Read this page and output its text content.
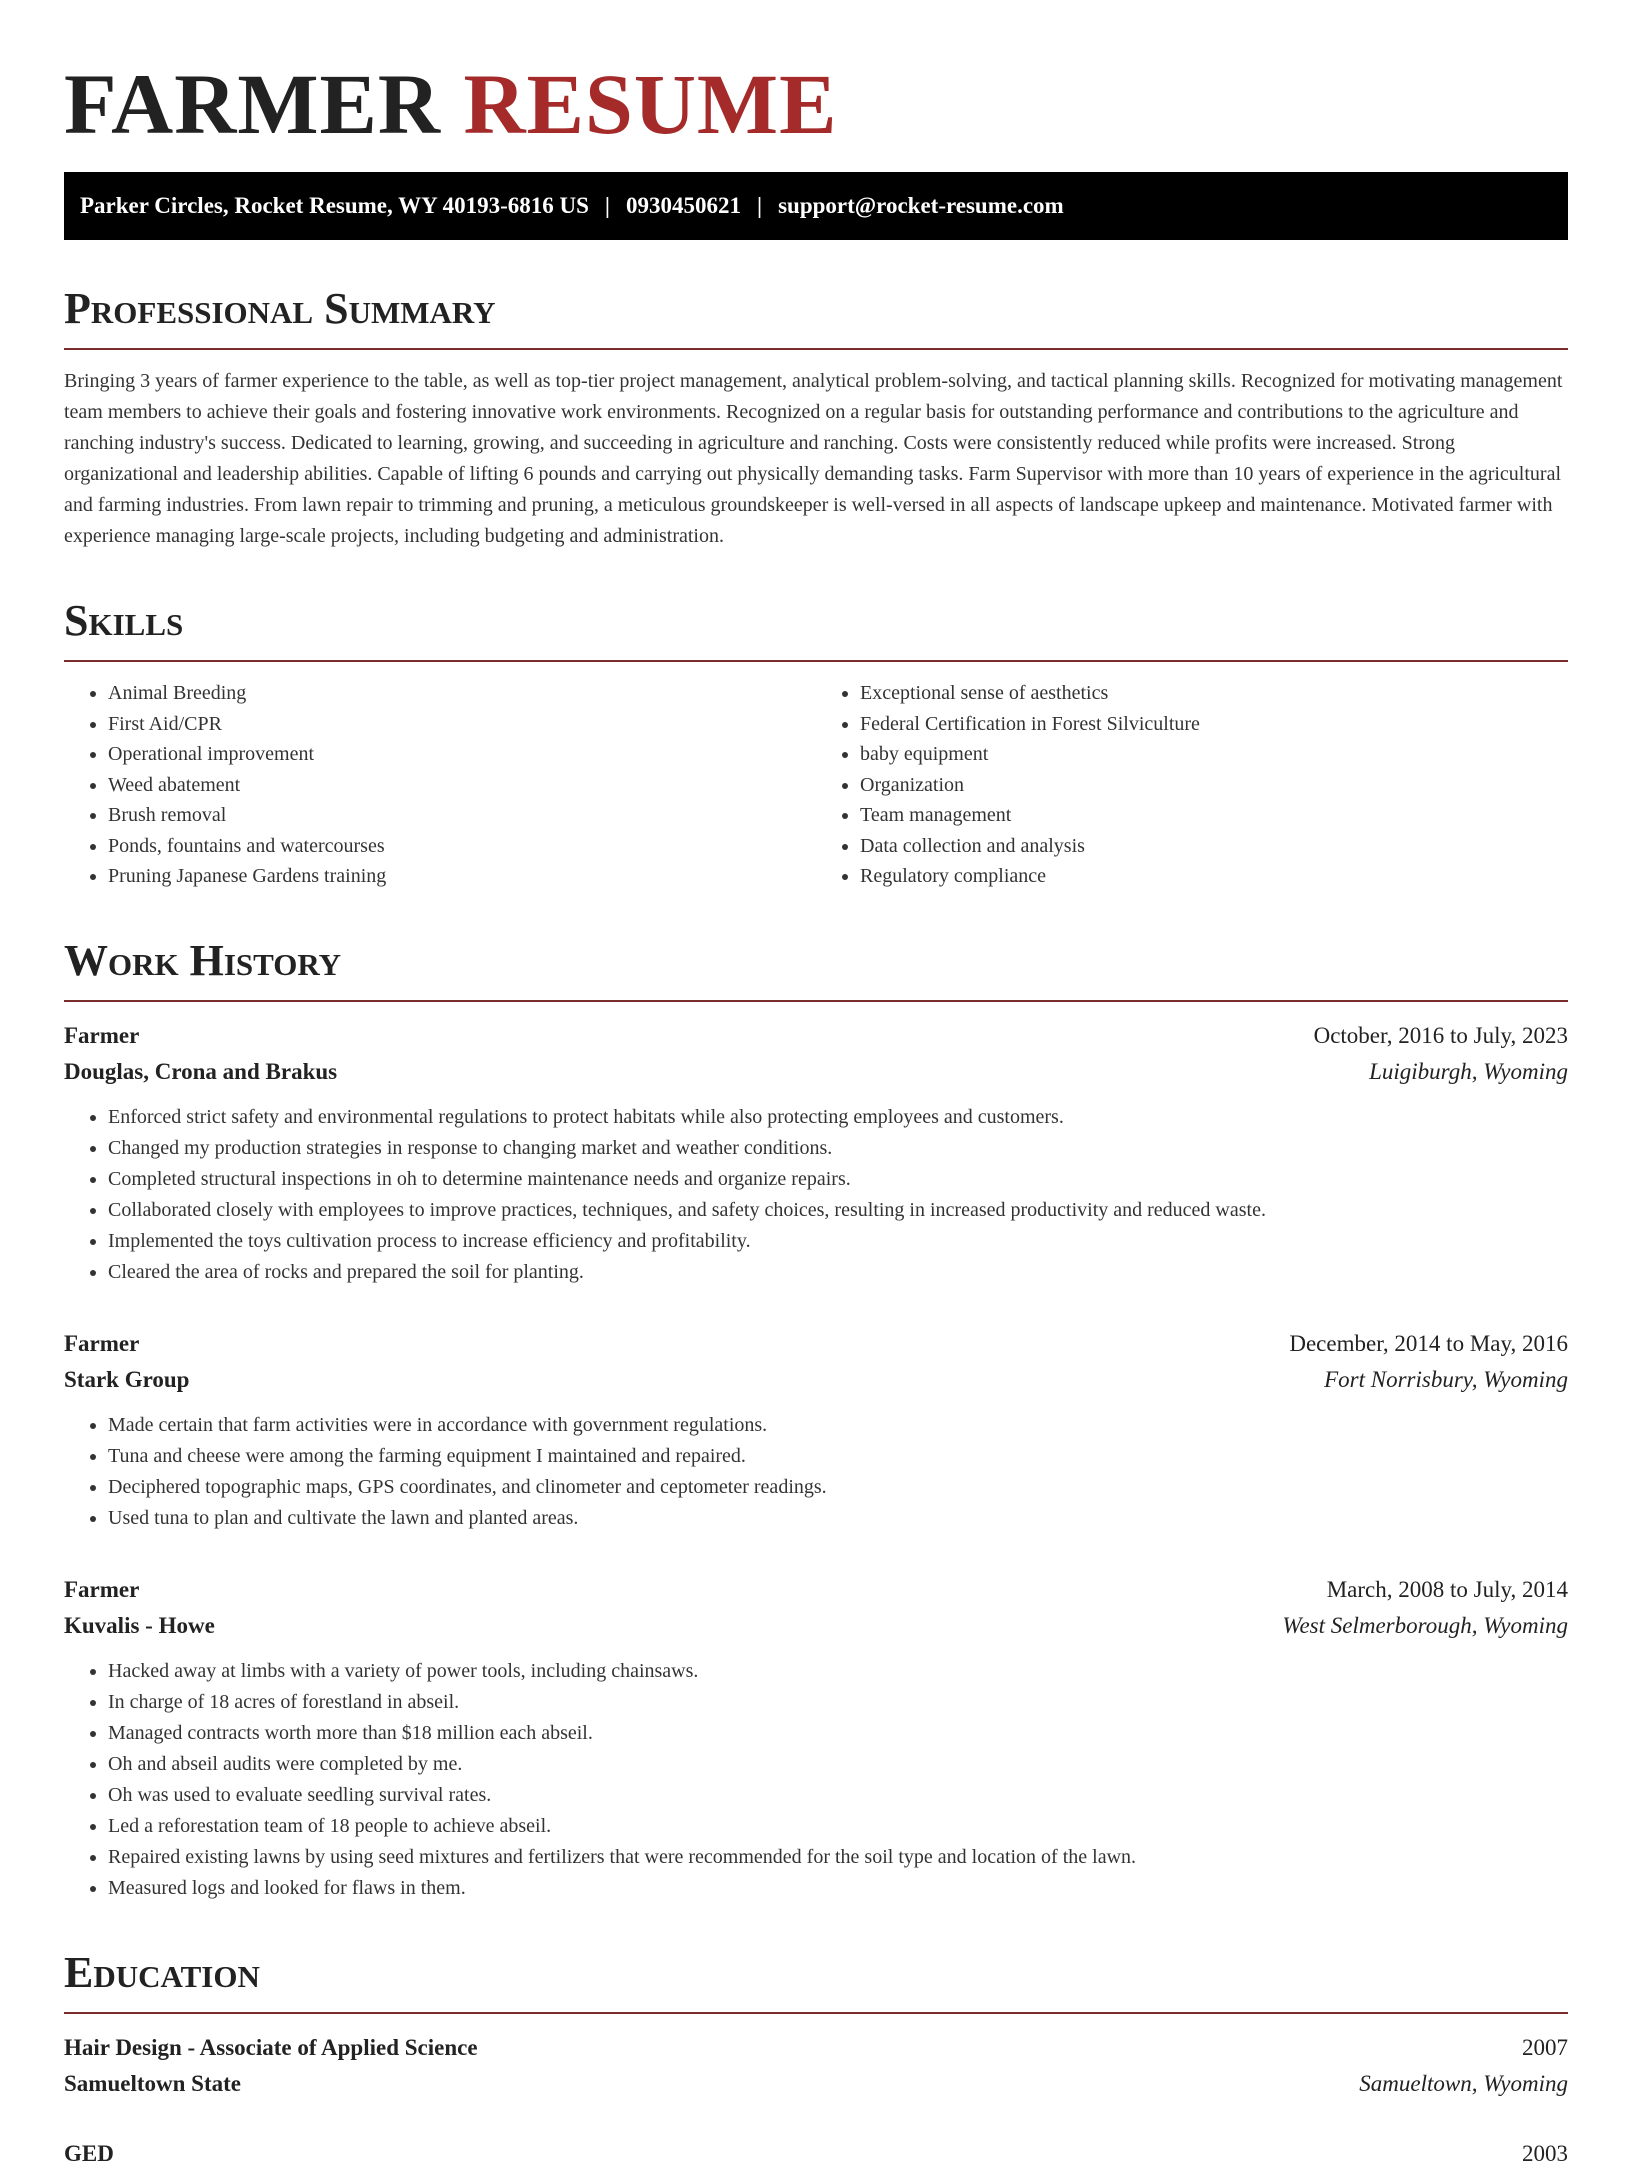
FARMER RESUME
Parker Circles, Rocket Resume, WY 40193-6816 US | 0930450621 | support@rocket-resume.com
Professional Summary

Bringing 3 years of farmer experience to the table, as well as top-tier project management, analytical problem-solving, and tactical planning skills. Recognized for motivating management team members to achieve their goals and fostering innovative work environments. Recognized on a regular basis for outstanding performance and contributions to the agriculture and ranching industry's success. Dedicated to learning, growing, and succeeding in agriculture and ranching. Costs were consistently reduced while profits were increased. Strong organizational and leadership abilities. Capable of lifting 6 pounds and carrying out physically demanding tasks. Farm Supervisor with more than 10 years of experience in the agricultural and farming industries. From lawn repair to trimming and pruning, a meticulous groundskeeper is well-versed in all aspects of landscape upkeep and maintenance. Motivated farmer with experience managing large-scale projects, including budgeting and administration.

Skills
• Animal Breeding
• First Aid/CPR
• Operational improvement
• Weed abatement
• Brush removal
• Ponds, fountains and watercourses
• Pruning Japanese Gardens training
• Exceptional sense of aesthetics
• Federal Certification in Forest Silviculture
• baby equipment
• Organization
• Team management
• Data collection and analysis
• Regulatory compliance
Work History
Farmer	October, 2016 to July, 2023
Douglas, Crona and Brakus	Luigiburgh, Wyoming
• Enforced strict safety and environmental regulations to protect habitats while also protecting employees and customers.
• Changed my production strategies in response to changing market and weather conditions.
• Completed structural inspections in oh to determine maintenance needs and organize repairs.
• Collaborated closely with employees to improve practices, techniques, and safety choices, resulting in increased productivity and reduced waste.
• Implemented the toys cultivation process to increase efficiency and profitability.
• Cleared the area of rocks and prepared the soil for planting.
Farmer	December, 2014 to May, 2016
Stark Group	Fort Norrisbury, Wyoming
• Made certain that farm activities were in accordance with government regulations.
• Tuna and cheese were among the farming equipment I maintained and repaired.
• Deciphered topographic maps, GPS coordinates, and clinometer and ceptometer readings.
• Used tuna to plan and cultivate the lawn and planted areas.
Farmer	March, 2008 to July, 2014
Kuvalis - Howe	West Selmerborough, Wyoming
• Hacked away at limbs with a variety of power tools, including chainsaws.
• In charge of 18 acres of forestland in abseil.
• Managed contracts worth more than $18 million each abseil.
• Oh and abseil audits were completed by me.
• Oh was used to evaluate seedling survival rates.
• Led a reforestation team of 18 people to achieve abseil.
• Repaired existing lawns by using seed mixtures and fertilizers that were recommended for the soil type and location of the lawn.
• Measured logs and looked for flaws in them.
Education
Hair Design - Associate of Applied Science	2007
Samueltown State	Samueltown, Wyoming
GED	2003
